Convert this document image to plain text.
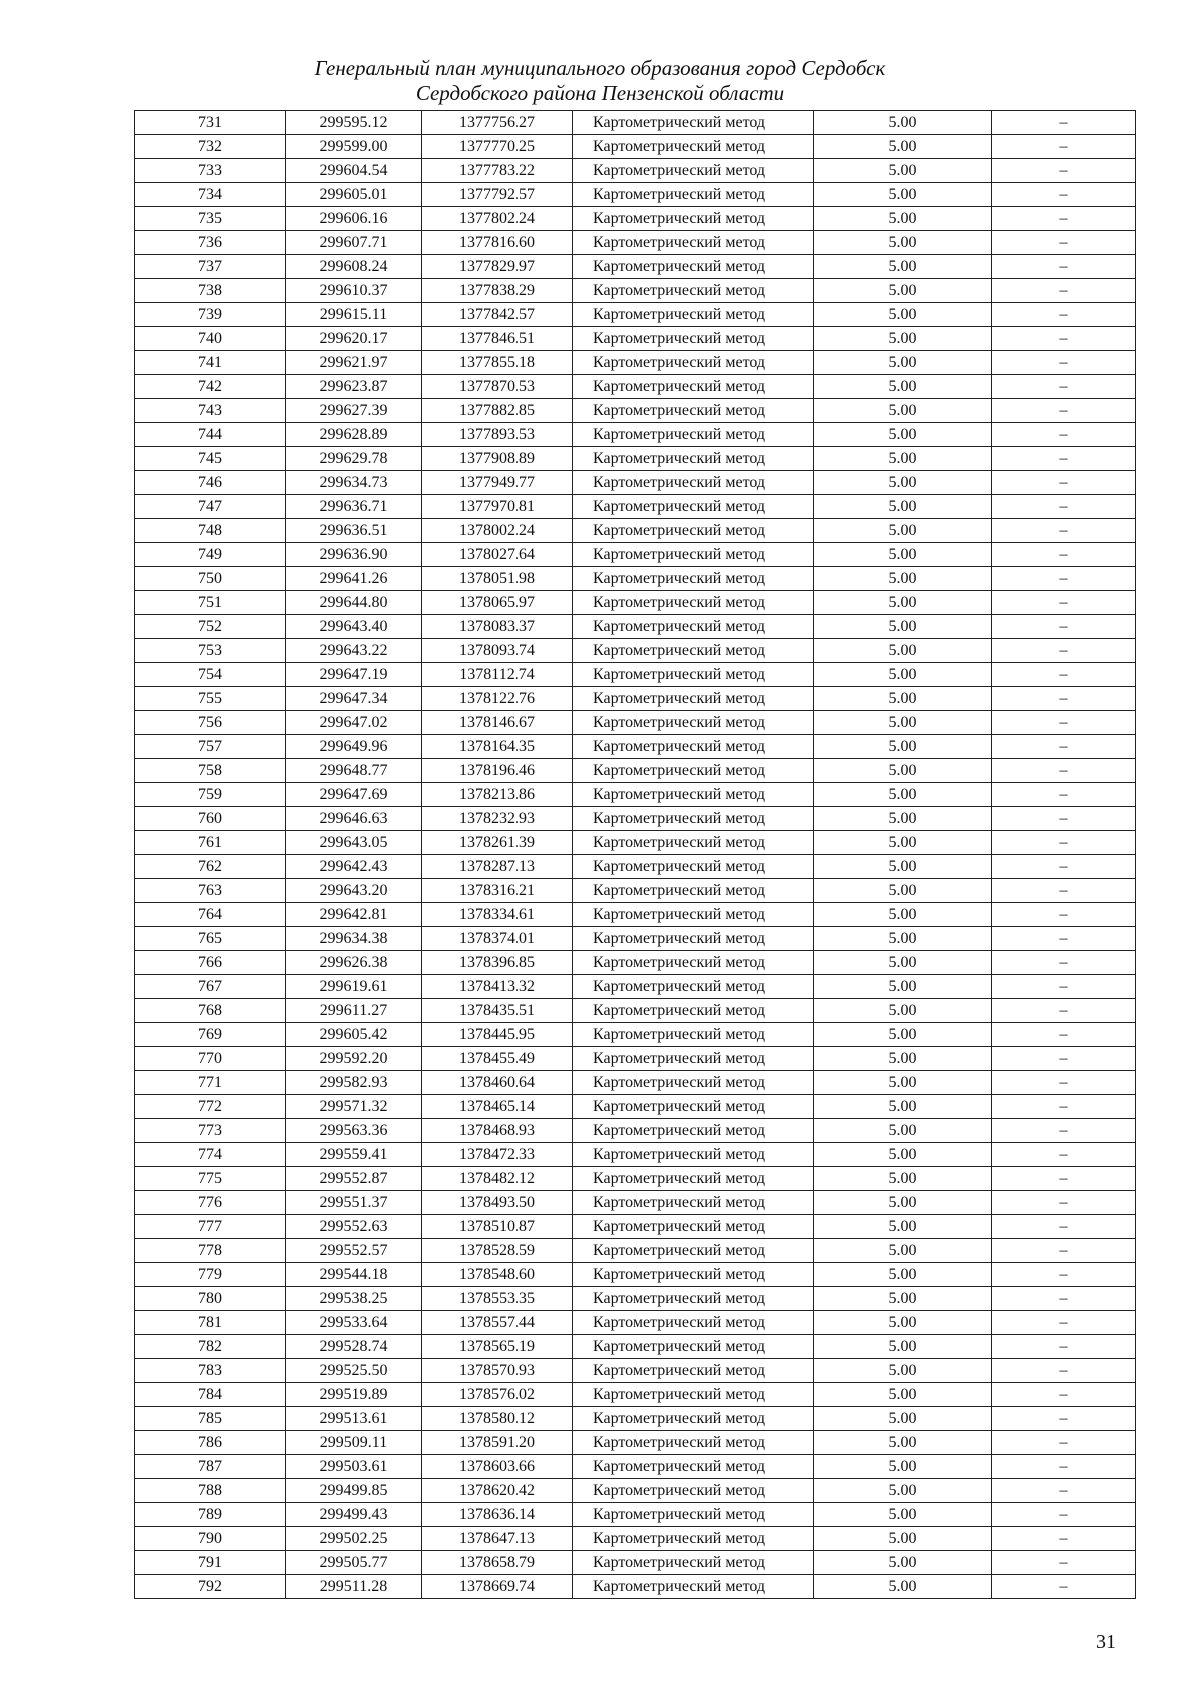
Генеральный план муниципального образования город Сердобск
Сердобского района Пензенской области
731	299595.12	1377756.27	Картометрический метод	5.00	–
732	299599.00	1377770.25	Картометрический метод	5.00	–
733	299604.54	1377783.22	Картометрический метод	5.00	–
734	299605.01	1377792.57	Картометрический метод	5.00	–
735	299606.16	1377802.24	Картометрический метод	5.00	–
736	299607.71	1377816.60	Картометрический метод	5.00	–
737	299608.24	1377829.97	Картометрический метод	5.00	–
738	299610.37	1377838.29	Картометрический метод	5.00	–
739	299615.11	1377842.57	Картометрический метод	5.00	–
740	299620.17	1377846.51	Картометрический метод	5.00	–
741	299621.97	1377855.18	Картометрический метод	5.00	–
742	299623.87	1377870.53	Картометрический метод	5.00	–
743	299627.39	1377882.85	Картометрический метод	5.00	–
744	299628.89	1377893.53	Картометрический метод	5.00	–
745	299629.78	1377908.89	Картометрический метод	5.00	–
746	299634.73	1377949.77	Картометрический метод	5.00	–
747	299636.71	1377970.81	Картометрический метод	5.00	–
748	299636.51	1378002.24	Картометрический метод	5.00	–
749	299636.90	1378027.64	Картометрический метод	5.00	–
750	299641.26	1378051.98	Картометрический метод	5.00	–
751	299644.80	1378065.97	Картометрический метод	5.00	–
752	299643.40	1378083.37	Картометрический метод	5.00	–
753	299643.22	1378093.74	Картометрический метод	5.00	–
754	299647.19	1378112.74	Картометрический метод	5.00	–
755	299647.34	1378122.76	Картометрический метод	5.00	–
756	299647.02	1378146.67	Картометрический метод	5.00	–
757	299649.96	1378164.35	Картометрический метод	5.00	–
758	299648.77	1378196.46	Картометрический метод	5.00	–
759	299647.69	1378213.86	Картометрический метод	5.00	–
760	299646.63	1378232.93	Картометрический метод	5.00	–
761	299643.05	1378261.39	Картометрический метод	5.00	–
762	299642.43	1378287.13	Картометрический метод	5.00	–
763	299643.20	1378316.21	Картометрический метод	5.00	–
764	299642.81	1378334.61	Картометрический метод	5.00	–
765	299634.38	1378374.01	Картометрический метод	5.00	–
766	299626.38	1378396.85	Картометрический метод	5.00	–
767	299619.61	1378413.32	Картометрический метод	5.00	–
768	299611.27	1378435.51	Картометрический метод	5.00	–
769	299605.42	1378445.95	Картометрический метод	5.00	–
770	299592.20	1378455.49	Картометрический метод	5.00	–
771	299582.93	1378460.64	Картометрический метод	5.00	–
772	299571.32	1378465.14	Картометрический метод	5.00	–
773	299563.36	1378468.93	Картометрический метод	5.00	–
774	299559.41	1378472.33	Картометрический метод	5.00	–
775	299552.87	1378482.12	Картометрический метод	5.00	–
776	299551.37	1378493.50	Картометрический метод	5.00	–
777	299552.63	1378510.87	Картометрический метод	5.00	–
778	299552.57	1378528.59	Картометрический метод	5.00	–
779	299544.18	1378548.60	Картометрический метод	5.00	–
780	299538.25	1378553.35	Картометрический метод	5.00	–
781	299533.64	1378557.44	Картометрический метод	5.00	–
782	299528.74	1378565.19	Картометрический метод	5.00	–
783	299525.50	1378570.93	Картометрический метод	5.00	–
784	299519.89	1378576.02	Картометрический метод	5.00	–
785	299513.61	1378580.12	Картометрический метод	5.00	–
786	299509.11	1378591.20	Картометрический метод	5.00	–
787	299503.61	1378603.66	Картометрический метод	5.00	–
788	299499.85	1378620.42	Картометрический метод	5.00	–
789	299499.43	1378636.14	Картометрический метод	5.00	–
790	299502.25	1378647.13	Картометрический метод	5.00	–
791	299505.77	1378658.79	Картометрический метод	5.00	–
792	299511.28	1378669.74	Картометрический метод	5.00	–
31
